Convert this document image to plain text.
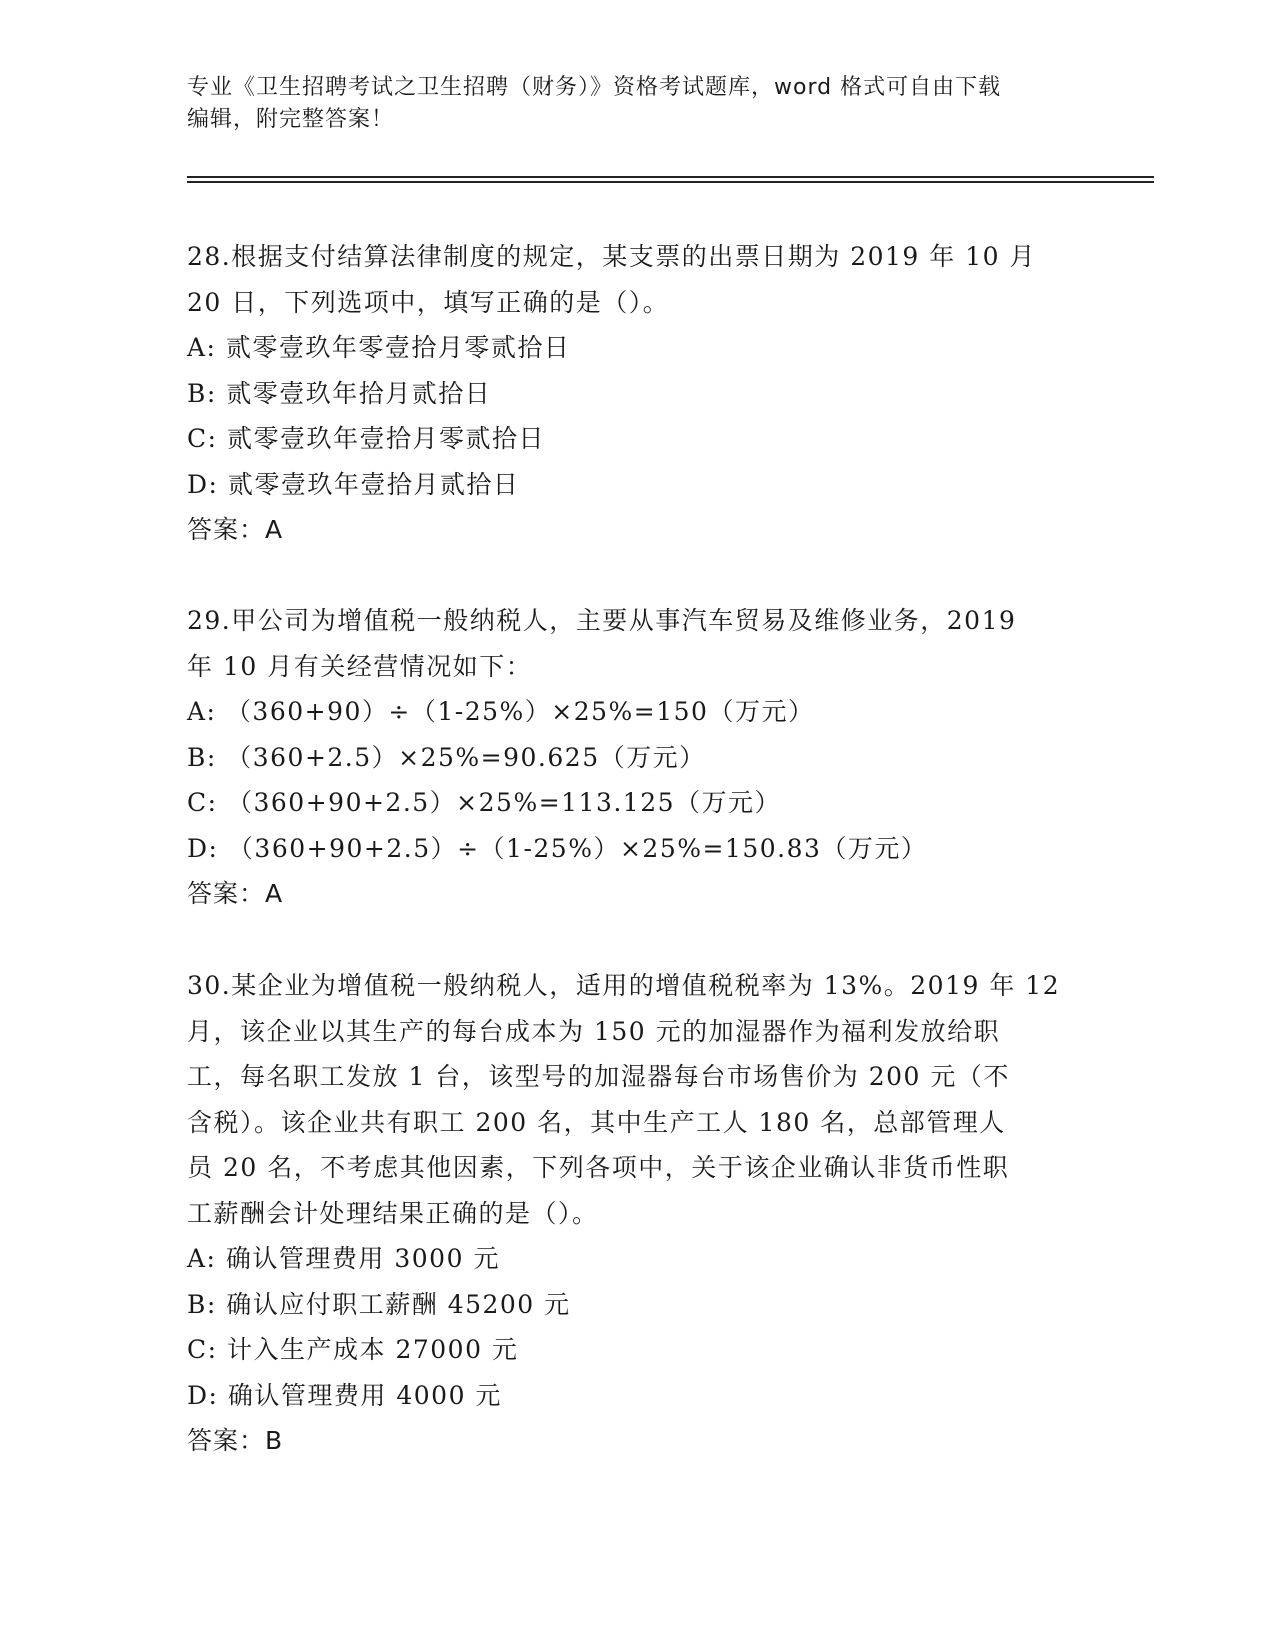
专业《卫生招聘考试之卫生招聘（财务）》资格考试题库，word 格式可自由下载
编辑，附完整答案！
28.根据支付结算法律制度的规定，某支票的出票日期为 2019 年 10 月
20 日，下列选项中，填写正确的是（）。
A: 贰零壹玖年零壹拾月零贰拾日
B: 贰零壹玖年拾月贰拾日
C: 贰零壹玖年壹拾月零贰拾日
D: 贰零壹玖年壹拾月贰拾日
答案：A
29.甲公司为增值税一般纳税人，主要从事汽车贸易及维修业务，2019
年 10 月有关经营情况如下：
A: （360+90）÷（1-25%）×25%=150（万元）
B: （360+2.5）×25%=90.625（万元）
C: （360+90+2.5）×25%=113.125（万元）
D: （360+90+2.5）÷（1-25%）×25%=150.83（万元）
答案：A
30.某企业为增值税一般纳税人，适用的增值税税率为 13%。2019 年 12
月，该企业以其生产的每台成本为 150 元的加湿器作为福利发放给职
工，每名职工发放 1 台，该型号的加湿器每台市场售价为 200 元（不
含税）。该企业共有职工 200 名，其中生产工人 180 名，总部管理人
员 20 名，不考虑其他因素，下列各项中，关于该企业确认非货币性职
工薪酬会计处理结果正确的是（）。
A: 确认管理费用 3000 元
B: 确认应付职工薪酬 45200 元
C: 计入生产成本 27000 元
D: 确认管理费用 4000 元
答案：B
